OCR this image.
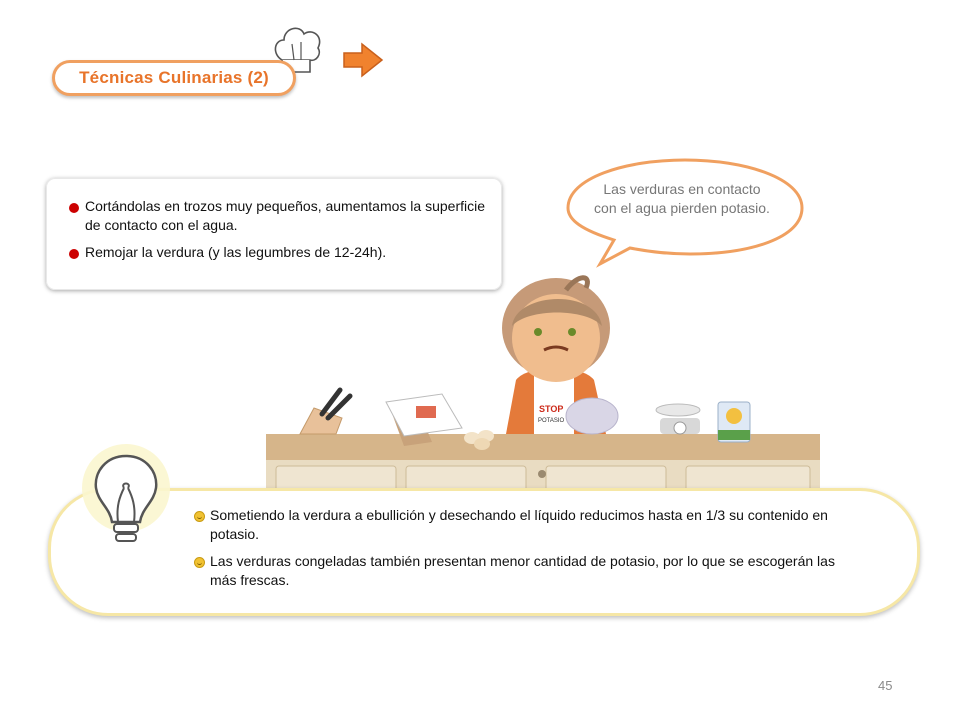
Técnicas Culinarias (2)
Cortándolas en trozos muy pequeños, aumentamos la superficie de contacto con el agua.
Remojar la verdura (y las legumbres de 12-24h).
Las verduras en contacto con el agua pierden potasio.
STOP
POTASIO
Sometiendo la verdura a ebullición y desechando el líquido reducimos hasta en 1/3 su contenido en potasio.
Las verduras congeladas también presentan menor cantidad de potasio, por lo que se escogerán las más frescas.
45
